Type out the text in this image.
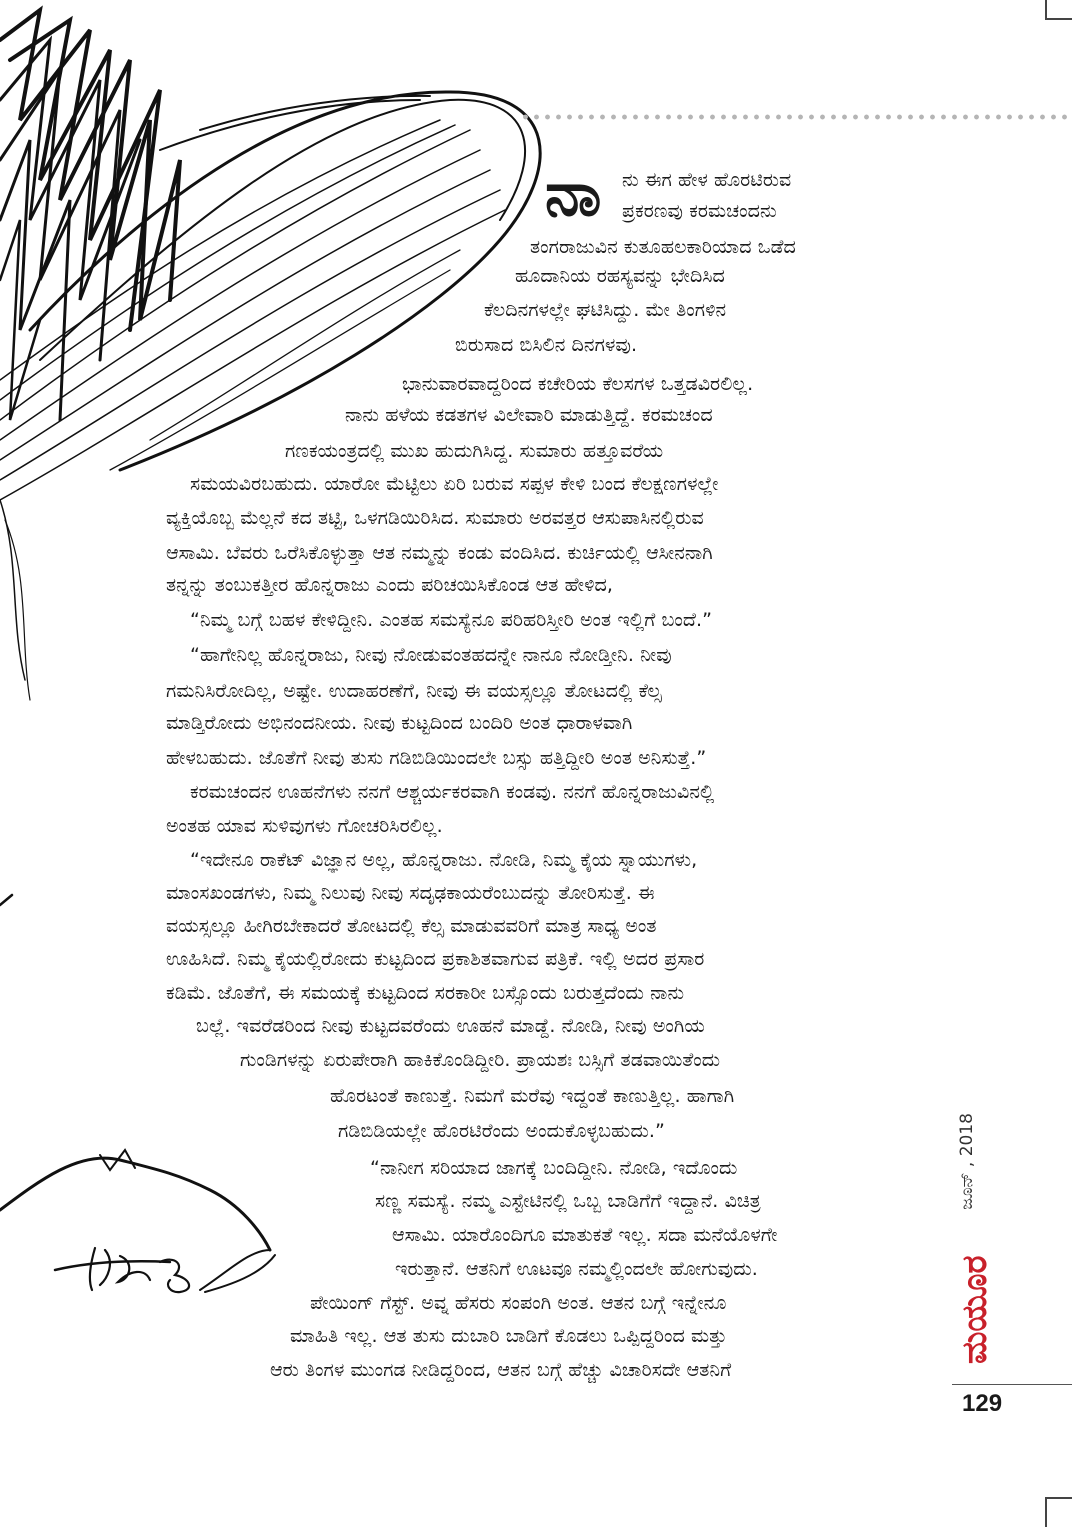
ನಾ ನು ಈಗ ಹೇಳ ಹೊರಟಿರುವ
ಪ್ರಕರಣವು ಕರಮಚಂದನು
ತಂಗರಾಜುವಿನ ಕುತೂಹಲಕಾರಿಯಾದ ಒಡೆದ
ಹೂದಾನಿಯ ರಹಸ್ಯವನ್ನು ಭೇದಿಸಿದ
ಕೆಲದಿನಗಳಲ್ಲೇ ಘಟಿಸಿದ್ದು. ಮೇ ತಿಂಗಳಿನ
ಬಿರುಸಾದ ಬಿಸಿಲಿನ ದಿನಗಳವು.
ಭಾನುವಾರವಾದ್ದರಿಂದ ಕಚೇರಿಯ ಕೆಲಸಗಳ ಒತ್ತಡವಿರಲಿಲ್ಲ.
ನಾನು ಹಳೆಯ ಕಡತಗಳ ವಿಲೇವಾರಿ ಮಾಡುತ್ತಿದ್ದೆ. ಕರಮಚಂದ
ಗಣಕಯಂತ್ರದಲ್ಲಿ ಮುಖ ಹುದುಗಿಸಿದ್ದ. ಸುಮಾರು ಹತ್ತೂವರೆಯ
ಸಮಯವಿರಬಹುದು. ಯಾರೋ ಮೆಟ್ಟಿಲು ಏರಿ ಬರುವ ಸಪ್ಪಳ ಕೇಳಿ ಬಂದ ಕೆಲಕ್ಷಣಗಳಲ್ಲೇ
ವ್ಯಕ್ತಿಯೊಬ್ಬ ಮೆಲ್ಲನೆ ಕದ ತಟ್ಟಿ, ಒಳಗಡಿಯಿರಿಸಿದ. ಸುಮಾರು ಅರವತ್ತರ ಆಸುಪಾಸಿನಲ್ಲಿರುವ
ಆಸಾಮಿ. ಬೆವರು ಒರೆಸಿಕೊಳ್ಳುತ್ತಾ ಆತ ನಮ್ಮನ್ನು ಕಂಡು ವಂದಿಸಿದ. ಕುರ್ಚಿಯಲ್ಲಿ ಆಸೀನನಾಗಿ
ತನ್ನನ್ನು ತಂಬುಕತ್ತೀರ ಹೊನ್ನರಾಜು ಎಂದು ಪರಿಚಯಿಸಿಕೊಂಡ ಆತ ಹೇಳಿದ,
“ನಿಮ್ಮ ಬಗ್ಗೆ ಬಹಳ ಕೇಳಿದ್ದೀನಿ. ಎಂತಹ ಸಮಸ್ಯೆನೂ ಪರಿಹರಿಸ್ತೀರಿ ಅಂತ ಇಲ್ಲಿಗೆ ಬಂದೆ.”
“ಹಾಗೇನಿಲ್ಲ ಹೊನ್ನರಾಜು, ನೀವು ನೋಡುವಂತಹದನ್ನೇ ನಾನೂ ನೋಡ್ತೀನಿ. ನೀವು
ಗಮನಿಸಿರೋದಿಲ್ಲ, ಅಷ್ಟೇ. ಉದಾಹರಣೆಗೆ, ನೀವು ಈ ವಯಸ್ಸಲ್ಲೂ ತೋಟದಲ್ಲಿ ಕೆಲ್ಸ
ಮಾಡ್ತಿರೋದು ಅಭಿನಂದನೀಯ. ನೀವು ಕುಟ್ಟದಿಂದ ಬಂದಿರಿ ಅಂತ ಧಾರಾಳವಾಗಿ
ಹೇಳಬಹುದು. ಜೊತೆಗೆ ನೀವು ತುಸು ಗಡಿಬಿಡಿಯಿಂದಲೇ ಬಸ್ಸು ಹತ್ತಿದ್ದೀರಿ ಅಂತ ಅನಿಸುತ್ತೆ.”
ಕರಮಚಂದನ ಊಹನೆಗಳು ನನಗೆ ಆಶ್ಚರ್ಯಕರವಾಗಿ ಕಂಡವು. ನನಗೆ ಹೊನ್ನರಾಜುವಿನಲ್ಲಿ
ಅಂತಹ ಯಾವ ಸುಳಿವುಗಳು ಗೋಚರಿಸಿರಲಿಲ್ಲ.
“ಇದೇನೂ ರಾಕೆಟ್ ವಿಜ್ಞಾನ ಅಲ್ಲ, ಹೊನ್ನರಾಜು. ನೋಡಿ, ನಿಮ್ಮ ಕೈಯ ಸ್ನಾಯುಗಳು,
ಮಾಂಸಖಂಡಗಳು, ನಿಮ್ಮ ನಿಲುವು ನೀವು ಸದೃಢಕಾಯರೆಂಬುದನ್ನು ತೋರಿಸುತ್ತೆ. ಈ
ವಯಸ್ಸಲ್ಲೂ ಹೀಗಿರಬೇಕಾದರೆ ತೋಟದಲ್ಲಿ ಕೆಲ್ಸ ಮಾಡುವವರಿಗೆ ಮಾತ್ರ ಸಾಧ್ಯ ಅಂತ
ಊಹಿಸಿದೆ. ನಿಮ್ಮ ಕೈಯಲ್ಲಿರೋದು ಕುಟ್ಟದಿಂದ ಪ್ರಕಾಶಿತವಾಗುವ ಪತ್ರಿಕೆ. ಇಲ್ಲಿ ಅದರ ಪ್ರಸಾರ
ಕಡಿಮೆ. ಜೊತೆಗೆ, ಈ ಸಮಯಕ್ಕೆ ಕುಟ್ಟದಿಂದ ಸರಕಾರೀ ಬಸ್ಸೊಂದು ಬರುತ್ತದೆಂದು ನಾನು
ಬಲ್ಲೆ. ಇವರೆಡರಿಂದ ನೀವು ಕುಟ್ಟದವರೆಂದು ಊಹನೆ ಮಾಡ್ದೆ. ನೋಡಿ, ನೀವು ಅಂಗಿಯ
ಗುಂಡಿಗಳನ್ನು ಏರುಪೇರಾಗಿ ಹಾಕಿಕೊಂಡಿದ್ದೀರಿ. ಪ್ರಾಯಶಃ ಬಸ್ಸಿಗೆ ತಡವಾಯಿತೆಂದು
ಹೊರಟಂತೆ ಕಾಣುತ್ತೆ. ನಿಮಗೆ ಮರೆವು ಇದ್ದಂತೆ ಕಾಣುತ್ತಿಲ್ಲ. ಹಾಗಾಗಿ
ಗಡಿಬಿಡಿಯಲ್ಲೇ ಹೊರಟಿರೆಂದು ಅಂದುಕೊಳ್ಳಬಹುದು.”
“ನಾನೀಗ ಸರಿಯಾದ ಜಾಗಕ್ಕೆ ಬಂದಿದ್ದೀನಿ. ನೋಡಿ, ಇದೊಂದು
ಸಣ್ಣ ಸಮಸ್ಯೆ. ನಮ್ಮ ಎಸ್ಟೇಟಿನಲ್ಲಿ ಒಬ್ಬ ಬಾಡಿಗೆಗೆ ಇದ್ದಾನೆ. ವಿಚಿತ್ರ
ಆಸಾಮಿ. ಯಾರೊಂದಿಗೂ ಮಾತುಕತೆ ಇಲ್ಲ. ಸದಾ ಮನೆಯೊಳಗೇ
ಇರುತ್ತಾನೆ. ಆತನಿಗೆ ಊಟವೂ ನಮ್ಮಲ್ಲಿಂದಲೇ ಹೋಗುವುದು.
ಪೇಯಿಂಗ್ ಗೆಸ್ಟ್. ಅವ್ನ ಹೆಸರು ಸಂಪಂಗಿ ಅಂತ. ಆತನ ಬಗ್ಗೆ ಇನ್ನೇನೂ
ಮಾಹಿತಿ ಇಲ್ಲ. ಆತ ತುಸು ದುಬಾರಿ ಬಾಡಿಗೆ ಕೊಡಲು ಒಪ್ಪಿದ್ದರಿಂದ ಮತ್ತು
ಆರು ತಿಂಗಳ ಮುಂಗಡ ನೀಡಿದ್ದರಿಂದ, ಆತನ ಬಗ್ಗೆ ಹೆಚ್ಚು ವಿಚಾರಿಸದೇ ಆತನಿಗೆ
ಜೂನ್ , 2018
ಮಯೂರ
129
